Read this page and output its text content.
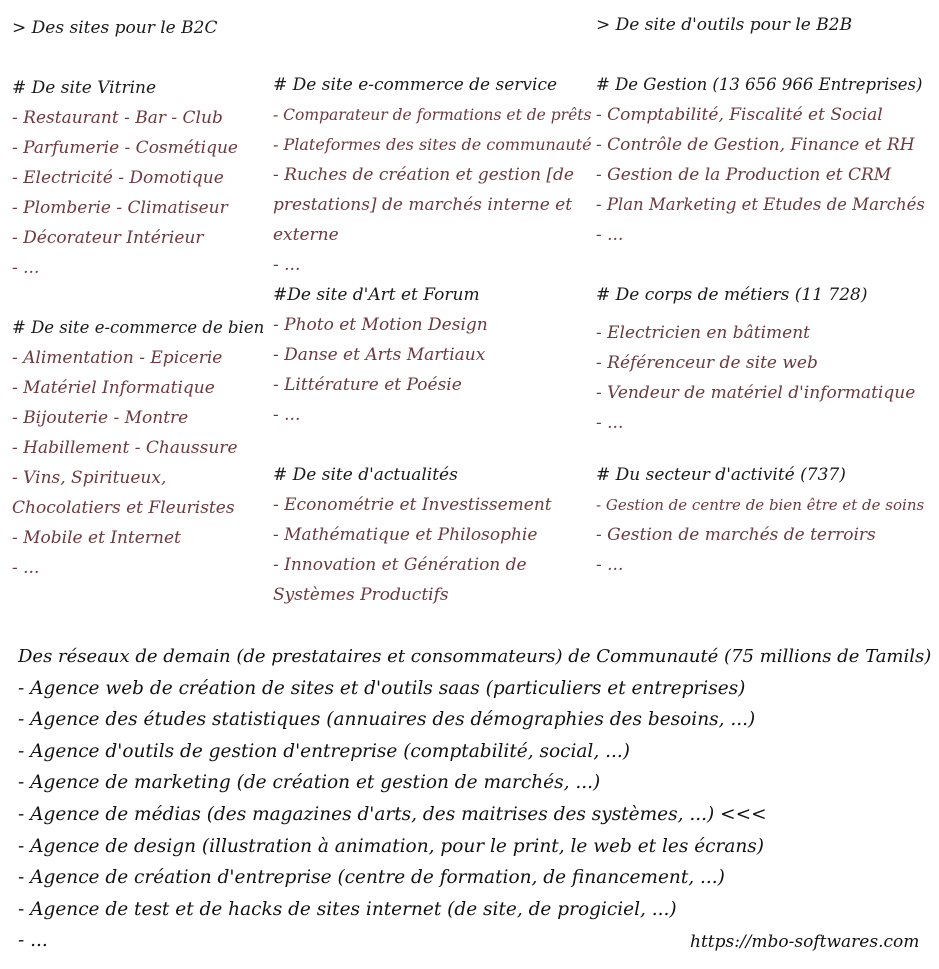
> Des sites pour le B2C	> De site d'outils pour le B2B
# De site Vitrine
- Restaurant - Bar - Club
- Parfumerie - Cosmétique
- Electricité - Domotique
- Plomberie - Climatiseur
- Décorateur Intérieur
- ...
# De site e-commerce de bien
- Alimentation - Epicerie
- Matériel Informatique
- Bijouterie - Montre
- Habillement - Chaussure
- Vins, Spiritueux, Chocolatiers et Fleuristes
- Mobile et Internet
- ...
# De site e-commerce de service
- Comparateur de formations et de prêts
- Plateformes des sites de communauté
- Ruches de création et gestion [de prestations] de marchés interne et externe
- ...
#De site d'Art et Forum
- Photo et Motion Design
- Danse et Arts Martiaux
- Littérature et Poésie
- ...
# De site d'actualités
- Econométrie et Investissement
- Mathématique et Philosophie
- Innovation et Génération de Systèmes Productifs
# De Gestion (13 656 966 Entreprises)
- Comptabilité, Fiscalité et Social
- Contrôle de Gestion, Finance et RH
- Gestion de la Production et CRM
- Plan Marketing et Etudes de Marchés
- ...
# De corps de métiers (11 728)
- Electricien en bâtiment
- Référenceur de site web
- Vendeur de matériel d'informatique
- ...
# Du secteur d'activité (737)
- Gestion de centre de bien être et de soins
- Gestion de marchés de terroirs
- ...
Des réseaux de demain (de prestataires et consommateurs) de Communauté (75 millions de Tamils)
- Agence web de création de sites et d'outils saas (particuliers et entreprises)
- Agence des études statistiques (annuaires des démographies des besoins, ...)
- Agence d'outils de gestion d'entreprise (comptabilité, social, ...)
- Agence de marketing (de création et gestion de marchés, ...)
- Agence de médias (des magazines d'arts, des maitrises des systèmes, ...) <<<
- Agence de design (illustration à animation, pour le print, le web et les écrans)
- Agence de création d'entreprise (centre de formation, de financement, ...)
- Agence de test et de hacks de sites internet (de site, de progiciel, ...)
- ...	https://mbo-softwares.com
